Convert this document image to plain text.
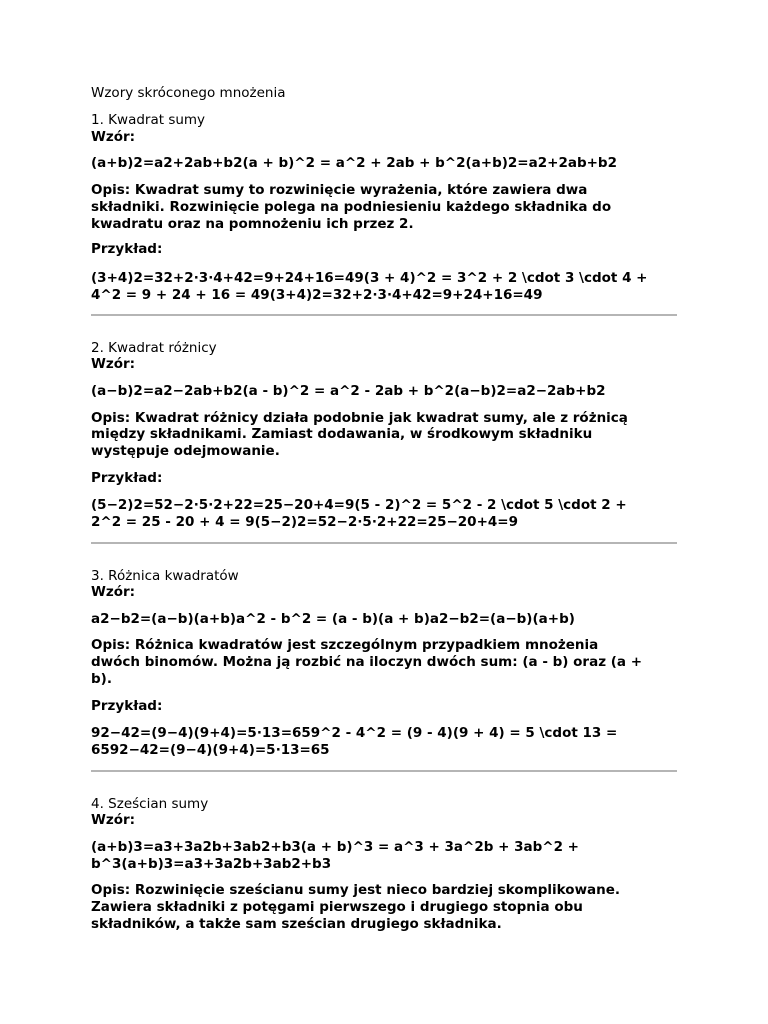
Wzory skróconego mnożenia
1. Kwadrat sumy
Wzór:
(a+b)2=a2+2ab+b2(a + b)^2 = a^2 + 2ab + b^2(a+b)2=a2+2ab+b2
Opis: Kwadrat sumy to rozwinięcie wyrażenia, które zawiera dwa
składniki. Rozwinięcie polega na podniesieniu każdego składnika do
kwadratu oraz na pomnożeniu ich przez 2.
Przykład:
(3+4)2=32+2⋅3⋅4+42=9+24+16=49(3 + 4)^2 = 3^2 + 2 \cdot 3 \cdot 4 +
4^2 = 9 + 24 + 16 = 49(3+4)2=32+2⋅3⋅4+42=9+24+16=49
2. Kwadrat różnicy
Wzór:
(a−b)2=a2−2ab+b2(a - b)^2 = a^2 - 2ab + b^2(a−b)2=a2−2ab+b2
Opis: Kwadrat różnicy działa podobnie jak kwadrat sumy, ale z różnicą
między składnikami. Zamiast dodawania, w środkowym składniku
występuje odejmowanie.
Przykład:
(5−2)2=52−2⋅5⋅2+22=25−20+4=9(5 - 2)^2 = 5^2 - 2 \cdot 5 \cdot 2 +
2^2 = 25 - 20 + 4 = 9(5−2)2=52−2⋅5⋅2+22=25−20+4=9
3. Różnica kwadratów
Wzór:
a2−b2=(a−b)(a+b)a^2 - b^2 = (a - b)(a + b)a2−b2=(a−b)(a+b)
Opis: Różnica kwadratów jest szczególnym przypadkiem mnożenia
dwóch binomów. Można ją rozbić na iloczyn dwóch sum: (a - b) oraz (a +
b).
Przykład:
92−42=(9−4)(9+4)=5⋅13=659^2 - 4^2 = (9 - 4)(9 + 4) = 5 \cdot 13 =
6592−42=(9−4)(9+4)=5⋅13=65
4. Sześcian sumy
Wzór:
(a+b)3=a3+3a2b+3ab2+b3(a + b)^3 = a^3 + 3a^2b + 3ab^2 +
b^3(a+b)3=a3+3a2b+3ab2+b3
Opis: Rozwinięcie sześcianu sumy jest nieco bardziej skomplikowane.
Zawiera składniki z potęgami pierwszego i drugiego stopnia obu
składników, a także sam sześcian drugiego składnika.
